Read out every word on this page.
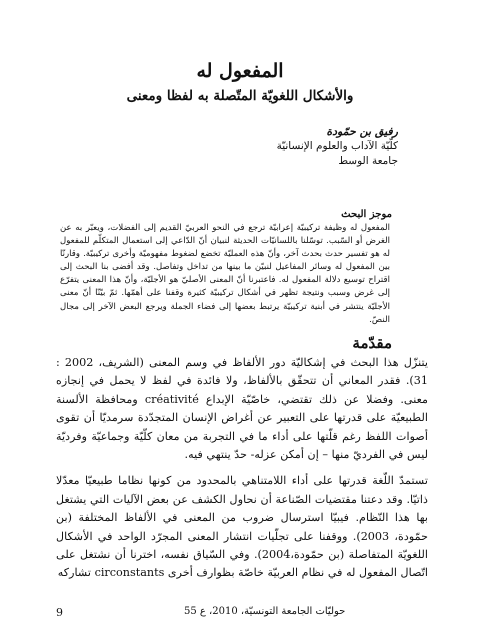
المفعول له
والأشكال اللغويّة المتّصلة به لفظا ومعنى
رفيق بن حمّودة
كلّيّة الآداب والعلوم الإنسانيّة
جامعة الوسط
موجز البحث
المفعول له وظيفة تركيبيّة إعرابيّة ترجع في النحو العربيّ القديم إلى الفضلات، ويعبّر به عن الغرض أو السّبب. توسّلنا باللسانيّات الحديثة لنبيان أنّ الدّاعي إلى استعمال المتكلّم للمفعول له هو تفسير حدث بحدث آخر، وأنّ هذه العمليّة تخضع لضغوط مفهوميّة وأخرى تركيبيّة. وقارنّا بين المفعول له وسائر المفاعيل لنبيّن ما بينها من تداخل وتفاصل. وقد أفضى بنا البحث إلى اقتراح توسيع دلالة المفعول له. فاعتبرنا أنّ المعنى الأصليّ هو الأجليّة، وأنّ هذا المعنى يتفرّع إلى غرض وسبب ونتيجة تظهر في أشكال تركيبيّة كثيرة وقفنا على أهمّها. ثمّ بيّنّا أنّ معنى الأجليّة ينتشر في أبنية تركيبيّة يرتبط بعضها إلى فضاء الجملة ويرجع البعض الآخر إلى مجال النصّ.
مقدّمة

يتنزّل هذا البحث في إشكاليّة دور الألفاظ في وسم المعنى (الشريف، 2002 : 31). فقدر المعاني أن تتحقّق بالألفاظ، ولا فائدة في لفظ لا يحمل في إنجازه معنى. وفضلا عن ذلك تقتضي، خاصّيّة الإبداع créativité ومحافظة الألسنة الطبيعيّة على قدرتها على التعبير عن أغراض الإنسان المتجدّدة سرمديّا أن تقوى أصوات اللفظ رغم قلّتها على أداء ما في التجربة من معان كلّيّة وجماعيّة وفرديّة ليس في الفرديّ منها – إن أمكن عزله- حدّ ينتهي فيه.

تستمدّ اللّغة قدرتها على أداء اللامتناهي بالمحدود من كونها نظاما طبيعيّا معدّلا ذاتيّا. وقد دعتنا مقتضيات الصّناعة أن نحاول الكشف عن بعض الآليات التي يشتغل بها هذا النّظام. فيبيّا استرسال ضروب من المعنى في الألفاظ المختلفة (بن حمّودة، 2003). ووقفنا على تجلّيات انتشار المعنى المجرّد الواحد في الأشكال اللغويّة المتفاصلة (بن حمّودة،2004). وفي السّياق نفسه، اخترنا أن نشتغل على اتّصال المفعول له في نظام العربيّة خاصّة بظوارف أخرى circonstants تشاركه

9	حوليّات الجامعة التونسيّة، 2010، ع 55
